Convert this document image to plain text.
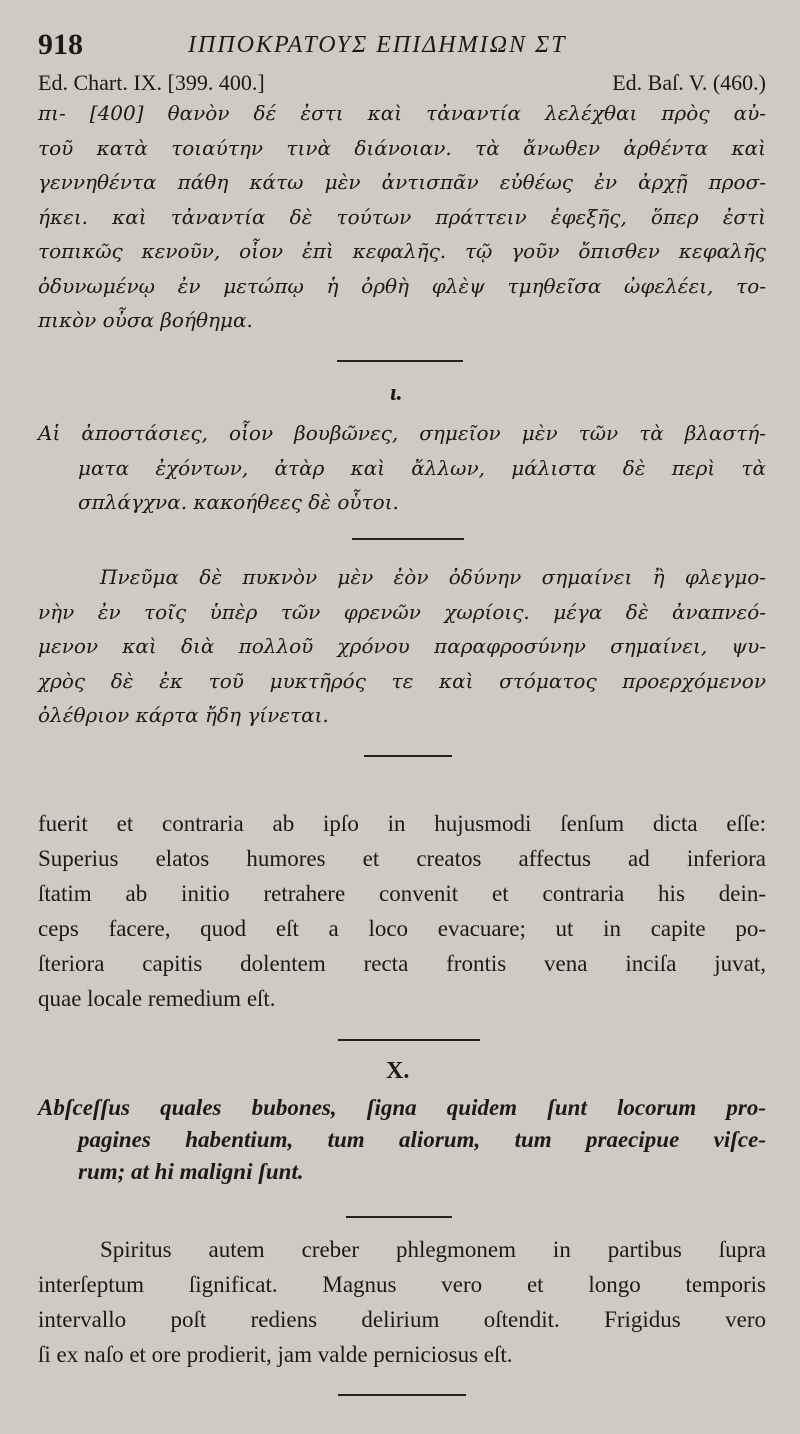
918	ΙΠΠΟΚΡΑΤΟΥΣ ΕΠΙΔΗΜΙΩΝ ΣΤ
Ed. Chart. IX. [399. 400.]	Ed. Baſ. V. (460.)
πι- [400] θανὸν δέ ἐστι καὶ τἀναντία λελέχθαι πρὸς αὐ-
τοῦ κατὰ τοιαύτην τινὰ διάνοιαν. τὰ ἄνωθεν ἀρθέντα καὶ
γεννηθέντα πάθη κάτω μὲν ἀντισπᾶν εὐθέως ἐν ἀρχῇ προσ-
ήκει. καὶ τἀναντία δὲ τούτων πράττειν ἐφεξῆς, ὅπερ ἐστὶ
τοπικῶς κενοῦν, οἷον ἐπὶ κεφαλῆς. τῷ γοῦν ὄπισθεν κεφαλῆς
ὀδυνωμένῳ ἐν μετώπῳ ἡ ὀρθὴ φλὲψ τμηθεῖσα ὠφελέει, το-
πικὸν οὖσα βοήθημα.
ι.
Αἱ ἀποστάσιες, οἷον βουβῶνες, σημεῖον μὲν τῶν τὰ βλαστή-
ματα ἐχόντων, ἀτὰρ καὶ ἄλλων, μάλιστα δὲ περὶ τὰ
σπλάγχνα. κακοήθεες δὲ οὗτοι.
Πνεῦμα δὲ πυκνὸν μὲν ἐὸν ὀδύνην σημαίνει ἢ φλεγμο-
νὴν ἐν τοῖς ὑπὲρ τῶν φρενῶν χωρίοις. μέγα δὲ ἀναπνεό-
μενον καὶ διὰ πολλοῦ χρόνου παραφροσύνην σημαίνει, ψυ-
χρὸς δὲ ἐκ τοῦ μυκτῆρός τε καὶ στόματος προερχόμενον
ὀλέθριον κάρτα ἤδη γίνεται.
fuerit et contraria ab ipſo in hujusmodi ſenſum dicta eſſe:
Superius elatos humores et creatos affectus ad inferiora
ſtatim ab initio retrahere convenit et contraria his dein-
ceps facere, quod eſt a loco evacuare; ut in capite po-
ſteriora capitis dolentem recta frontis vena inciſa juvat,
quae locale remedium eſt.
X.
Abſceſſus quales bubones, ſigna quidem ſunt locorum pro-
pagines habentium, tum aliorum, tum praecipue viſce-
rum; at hi maligni ſunt.
Spiritus autem creber phlegmonem in partibus ſupra
interſeptum ſignificat. Magnus vero et longo temporis
intervallo poſt rediens delirium oſtendit. Frigidus vero
ſi ex naſo et ore prodierit, jam valde perniciosus eſt.
